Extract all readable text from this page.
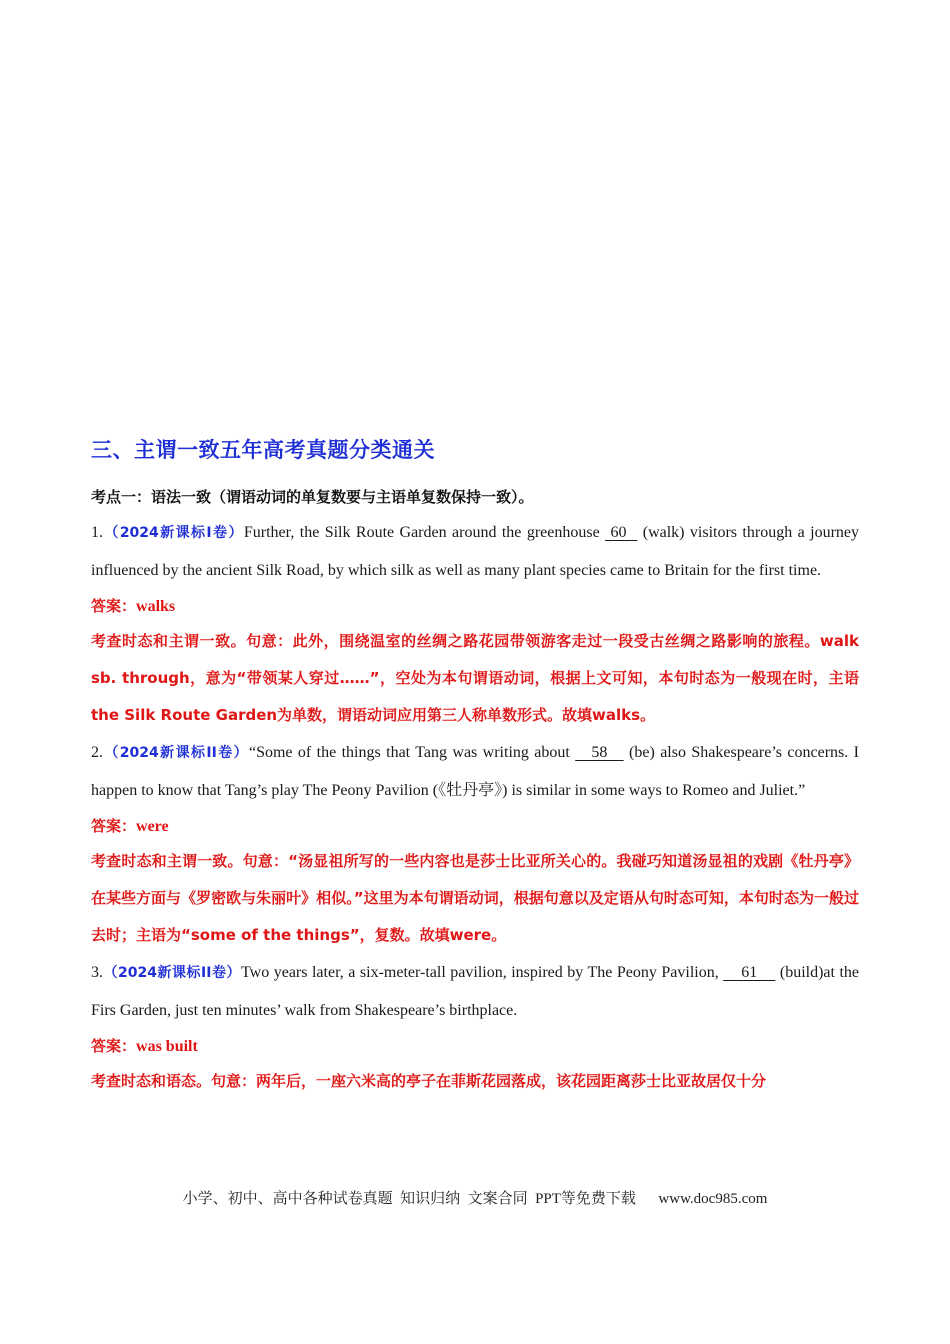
三、主谓一致五年高考真题分类通关
考点一：语法一致（谓语动词的单复数要与主语单复数保持一致）。

1.（2024新课标I卷）Further, the Silk Route Garden around the greenhouse  60   (walk) visitors through a journey influenced by the ancient Silk Road, by which silk as well as many plant species came to Britain for the first time.

答案：walks

考查时态和主谓一致。句意：此外，围绕温室的丝绸之路花园带领游客走过一段受古丝绸之路影响的旅程。walk sb. through，意为“带领某人穿过……”，空处为本句谓语动词，根据上文可知，本句时态为一般现在时，主语the Silk Route Garden为单数，谓语动词应用第三人称单数形式。故填walks。

2.（2024新课标II卷）“Some of the things that Tang was writing about    58    (be) also Shakespeare’s concerns. I happen to know that Tang’s play The Peony Pavilion (《牡丹亭》) is similar in some ways to Romeo and Juliet.”

答案：were

考查时态和主谓一致。句意：“汤显祖所写的一些内容也是莎士比亚所关心的。我碰巧知道汤显祖的戏剧《牡丹亭》在某些方面与《罗密欧与朱丽叶》相似。”这里为本句谓语动词，根据句意以及定语从句时态可知，本句时态为一般过去时；主语为“some of the things”，复数。故填were。

3.（2024新课标II卷）Two years later, a six-meter-tall pavilion, inspired by The Peony Pavilion,     61     (build)at the Firs Garden, just ten minutes’ walk from Shakespeare’s birthplace.

答案：was built

考查时态和语态。句意：两年后，一座六米高的亭子在菲斯花园落成，该花园距离莎士比亚故居仅十分

小学、初中、高中各种试卷真题  知识归纳  文案合同  PPT等免费下载      www.doc985.com
